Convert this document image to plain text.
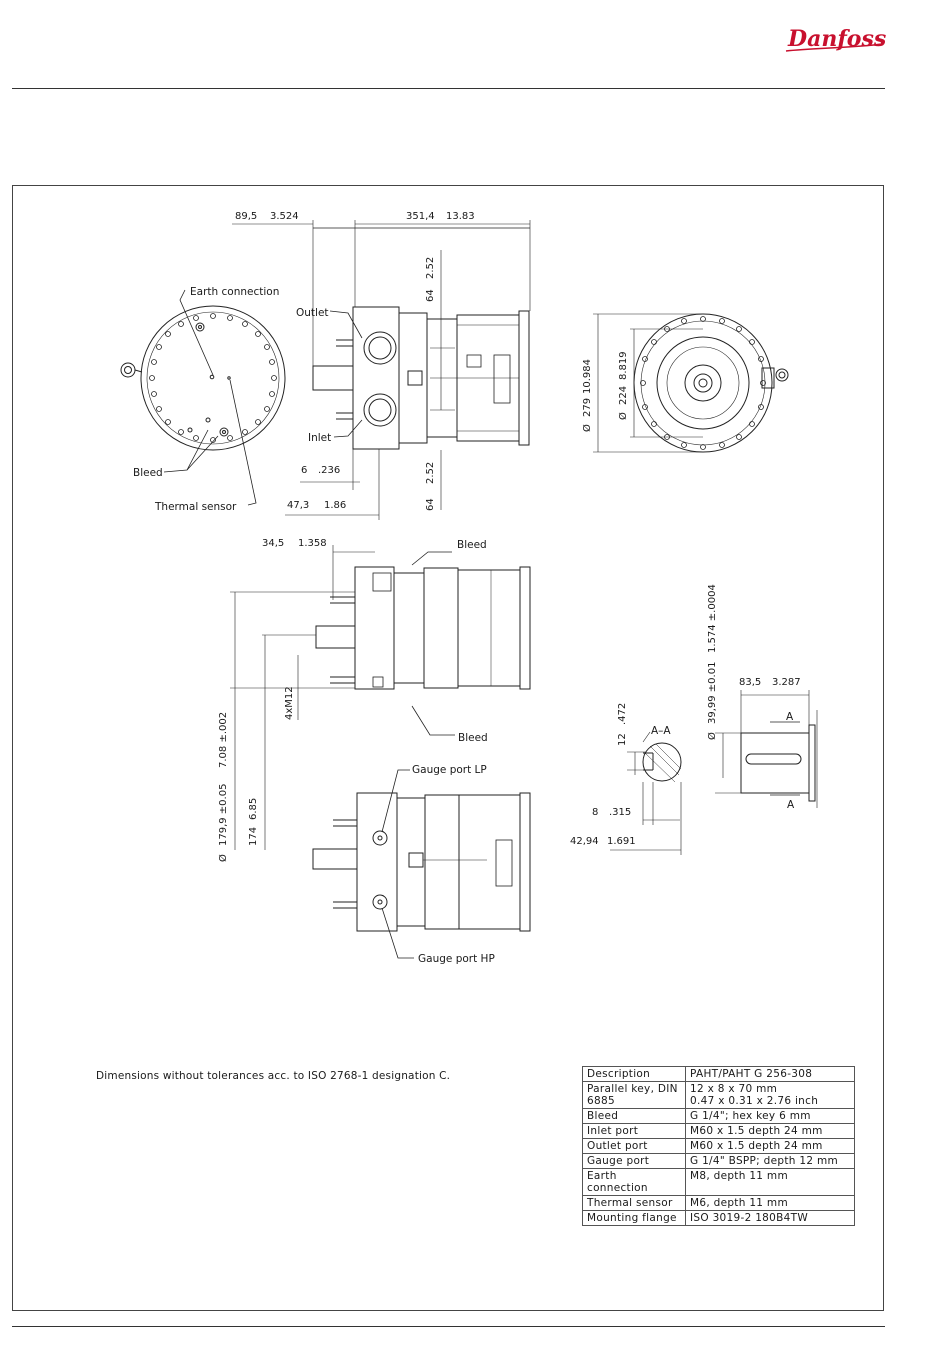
Danfoss
89,5 3.524	351,4 13.83
64
2.52
64
2.52
6 .236
47,3 1.86
Ø
279
10.984
Ø
224
8.819
34,5 1.358
Ø
179,9 ±0.05
7.08 ±.002
174
6.85
4xM12
Ø
39,99 ±0.01
1.574 ±.0004
83,5 3.287
12
.472
8 .315
42,94 1.691
Earth connection
Outlet
Inlet
Bleed
Thermal sensor
Bleed
Bleed
Gauge port LP
Gauge port HP
A–A
A
A
Dimensions without tolerances acc. to ISO 2768-1 designation C.	Description	PAHT/PAHT G 256-308
Parallel key, DIN 6885	12 x 8 x 70 mm
0.47 x 0.31 x 2.76 inch
Bleed	G 1/4"; hex key 6 mm
Inlet port	M60 x 1.5 depth 24 mm
Outlet port	M60 x 1.5 depth 24 mm
Gauge port	G 1/4" BSPP; depth 12 mm
Earth connection	M8, depth 11 mm
Thermal sensor	M6, depth 11 mm
Mounting flange	ISO 3019-2 180B4TW
